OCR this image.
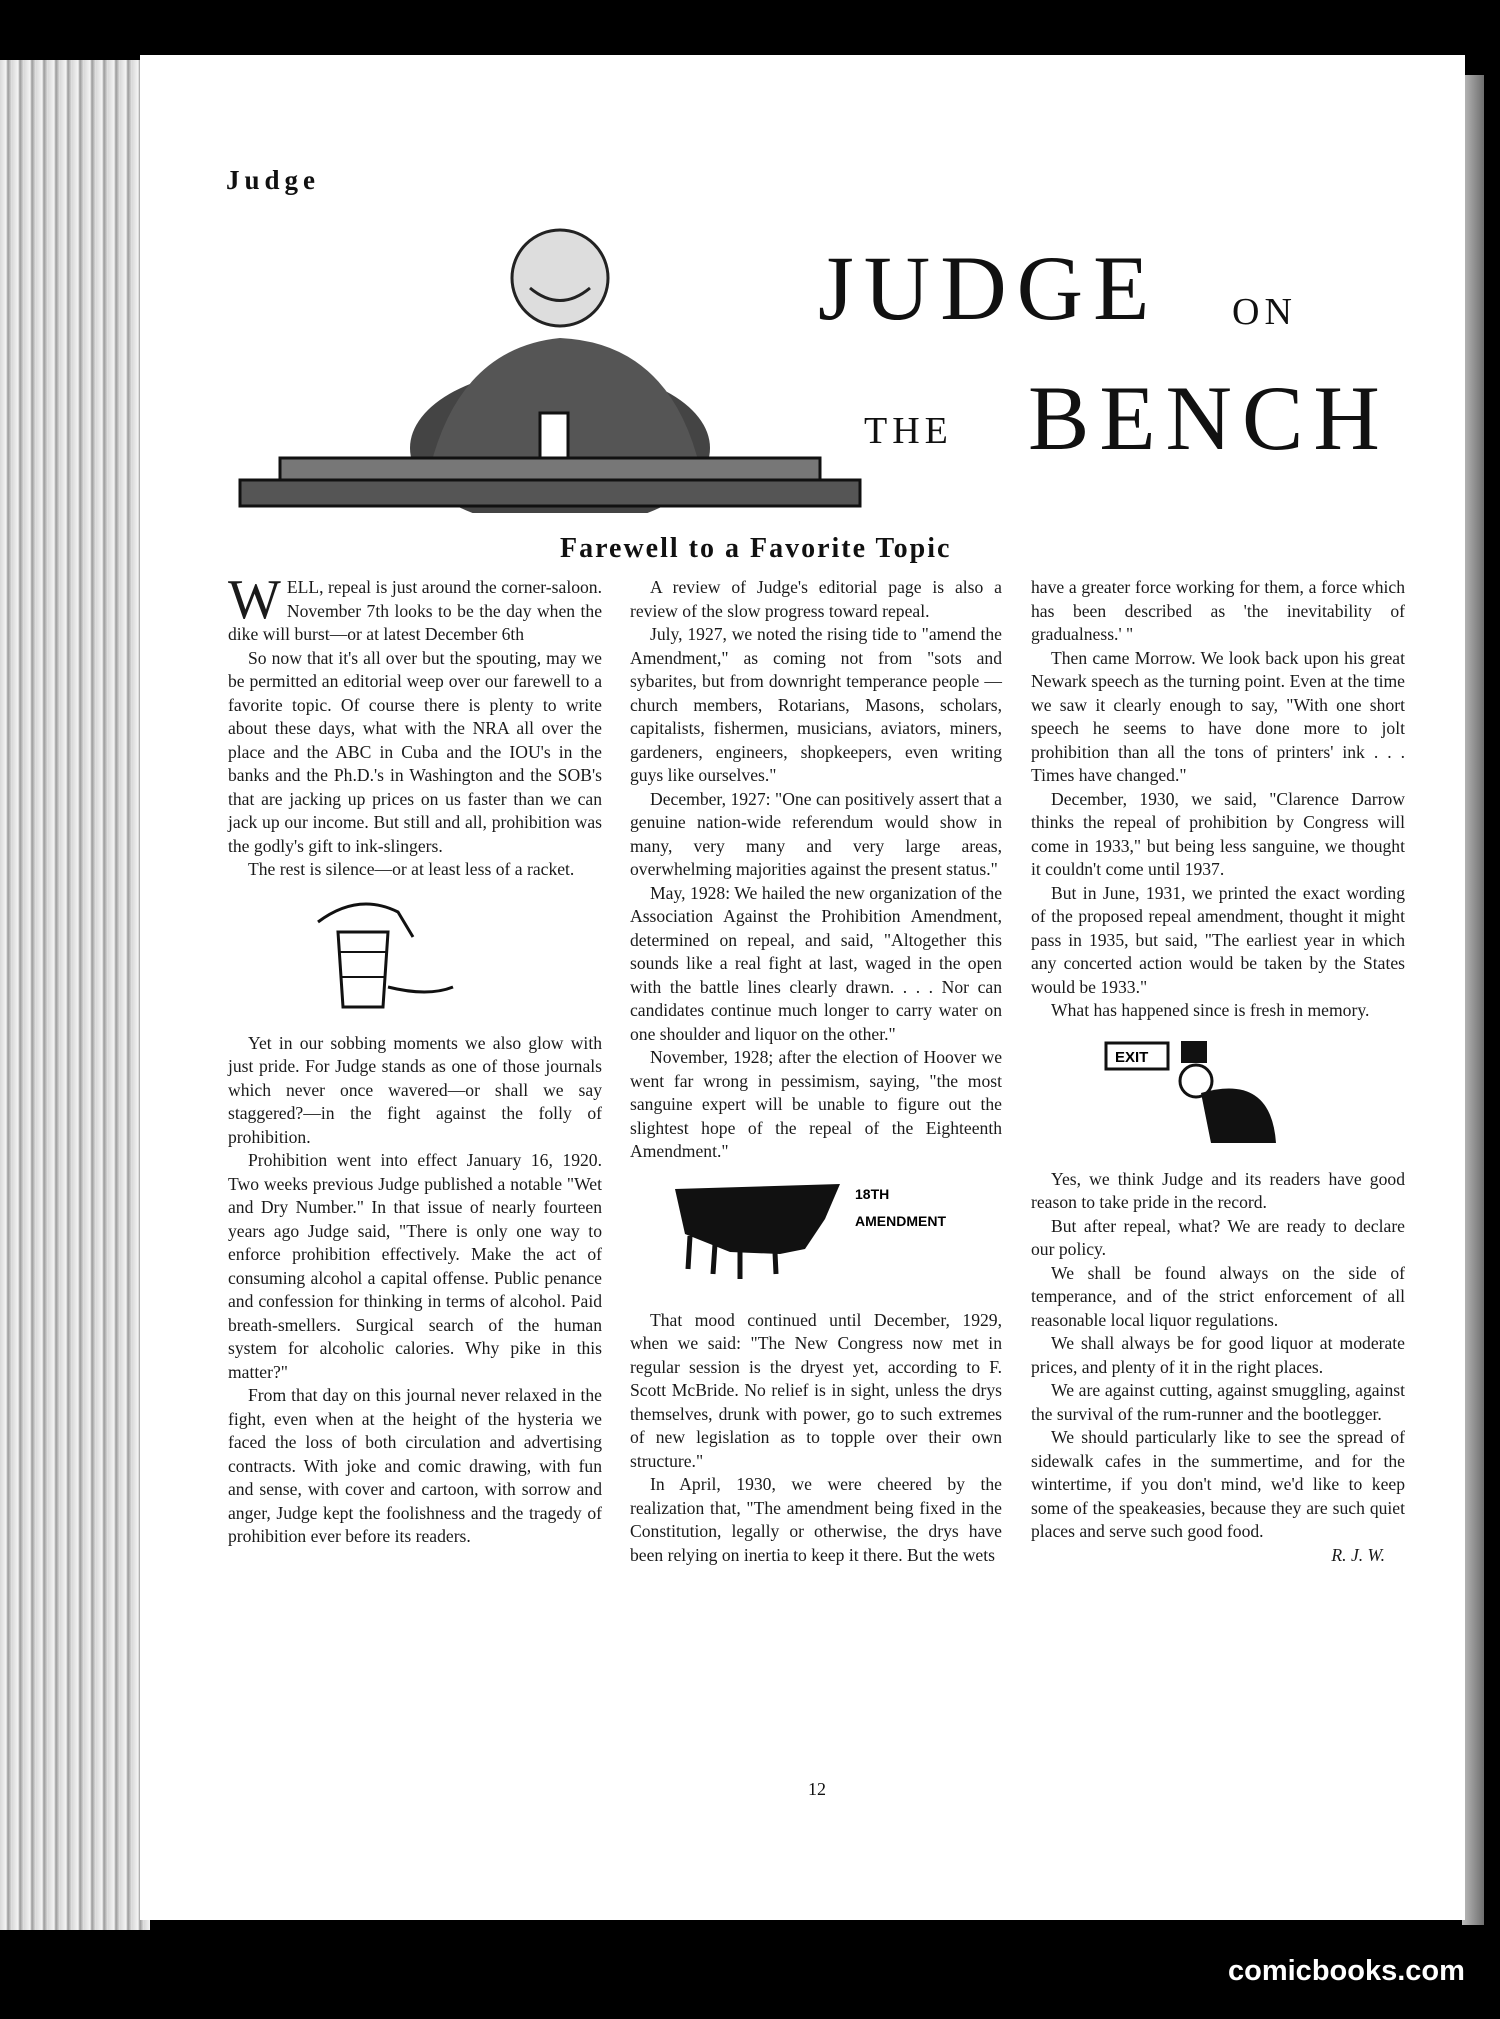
Judge
JUDGE ON
THE BENCH
Farewell to a Favorite Topic

WELL, repeal is just around the corner-saloon. November 7th looks to be the day when the dike will burst—or at latest December 6th

So now that it's all over but the spouting, may we be permitted an editorial weep over our farewell to a favorite topic. Of course there is plenty to write about these days, what with the NRA all over the place and the ABC in Cuba and the IOU's in the banks and the Ph.D.'s in Washington and the SOB's that are jacking up prices on us faster than we can jack up our income. But still and all, prohibition was the godly's gift to ink-slingers.

The rest is silence—or at least less of a racket.

Yet in our sobbing moments we also glow with just pride. For Judge stands as one of those journals which never once wavered—or shall we say staggered?—in the fight against the folly of prohibition.

Prohibition went into effect January 16, 1920. Two weeks previous Judge published a notable "Wet and Dry Number." In that issue of nearly fourteen years ago Judge said, "There is only one way to enforce prohibition effectively. Make the act of consuming alcohol a capital offense. Public penance and confession for thinking in terms of alcohol. Paid breath-smellers. Surgical search of the human system for alcoholic calories. Why pike in this matter?"

From that day on this journal never relaxed in the fight, even when at the height of the hysteria we faced the loss of both circulation and advertising contracts. With joke and comic drawing, with fun and sense, with cover and cartoon, with sorrow and anger, Judge kept the foolishness and the tragedy of prohibition ever before its readers.

A review of Judge's editorial page is also a review of the slow progress toward repeal.

July, 1927, we noted the rising tide to "amend the Amendment," as coming not from "sots and sybarites, but from downright temperance people — church members, Rotarians, Masons, scholars, capitalists, fishermen, musicians, aviators, miners, gardeners, engineers, shopkeepers, even writing guys like ourselves."

December, 1927: "One can positively assert that a genuine nation-wide referendum would show in many, very many and very large areas, overwhelming majorities against the present status."

May, 1928: We hailed the new organization of the Association Against the Prohibition Amendment, determined on repeal, and said, "Altogether this sounds like a real fight at last, waged in the open with the battle lines clearly drawn. . . . Nor can candidates continue much longer to carry water on one shoulder and liquor on the other."

November, 1928; after the election of Hoover we went far wrong in pessimism, saying, "the most sanguine expert will be unable to figure out the slightest hope of the repeal of the Eighteenth Amendment."

18TH
AMENDMENT

That mood continued until December, 1929, when we said: "The New Congress now met in regular session is the dryest yet, according to F. Scott McBride. No relief is in sight, unless the drys themselves, drunk with power, go to such extremes of new legislation as to topple over their own structure."

In April, 1930, we were cheered by the realization that, "The amendment being fixed in the Constitution, legally or otherwise, the drys have been relying on inertia to keep it there. But the wets

have a greater force working for them, a force which has been described as 'the inevitability of gradualness.' "

Then came Morrow. We look back upon his great Newark speech as the turning point. Even at the time we saw it clearly enough to say, "With one short speech he seems to have done more to jolt prohibition than all the tons of printers' ink . . . Times have changed."

December, 1930, we said, "Clarence Darrow thinks the repeal of prohibition by Congress will come in 1933," but being less sanguine, we thought it couldn't come until 1937.

But in June, 1931, we printed the exact wording of the proposed repeal amendment, thought it might pass in 1935, but said, "The earliest year in which any concerted action would be taken by the States would be 1933."

What has happened since is fresh in memory.

EXIT

Yes, we think Judge and its readers have good reason to take pride in the record.

But after repeal, what? We are ready to declare our policy.

We shall be found always on the side of temperance, and of the strict enforcement of all reasonable local liquor regulations.

We shall always be for good liquor at moderate prices, and plenty of it in the right places.

We are against cutting, against smuggling, against the survival of the rum-runner and the bootlegger.

We should particularly like to see the spread of sidewalk cafes in the summertime, and for the wintertime, if you don't mind, we'd like to keep some of the speakeasies, because they are such quiet places and serve such good food.

R. J. W.

12
comicbooks.com
